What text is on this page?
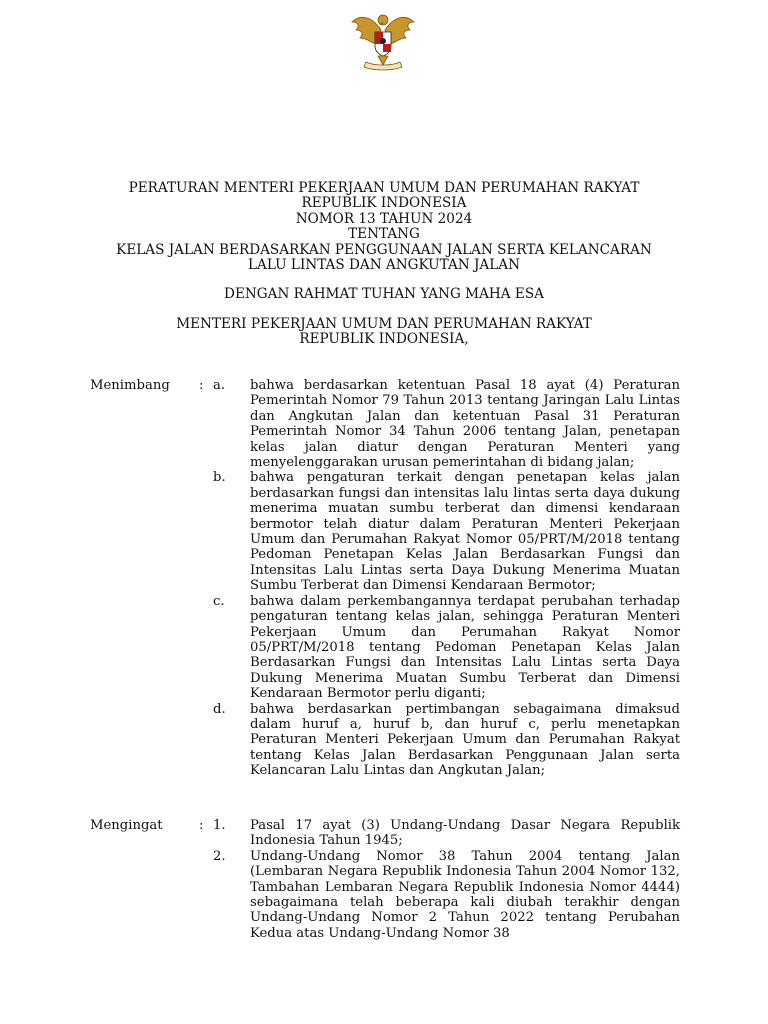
PERATURAN MENTERI PEKERJAAN UMUM DAN PERUMAHAN RAKYAT
REPUBLIK INDONESIA
NOMOR 13 TAHUN 2024
TENTANG
KELAS JALAN BERDASARKAN PENGGUNAAN JALAN SERTA KELANCARAN
LALU LINTAS DAN ANGKUTAN JALAN
DENGAN RAHMAT TUHAN YANG MAHA ESA
MENTERI PEKERJAAN UMUM DAN PERUMAHAN RAKYAT
REPUBLIK INDONESIA,
Menimbang	: a.	bahwa berdasarkan ketentuan Pasal 18 ayat (4) Peraturan Pemerintah Nomor 79 Tahun 2013 tentang Jaringan Lalu Lintas dan Angkutan Jalan dan ketentuan Pasal 31 Peraturan Pemerintah Nomor 34 Tahun 2006 tentang Jalan, penetapan kelas jalan diatur dengan Peraturan Menteri yang menyelenggarakan urusan pemerintahan di bidang jalan;
b.	bahwa pengaturan terkait dengan penetapan kelas jalan berdasarkan fungsi dan intensitas lalu lintas serta daya dukung menerima muatan sumbu terberat dan dimensi kendaraan bermotor telah diatur dalam Peraturan Menteri Pekerjaan Umum dan Perumahan Rakyat Nomor 05/PRT/M/2018 tentang Pedoman Penetapan Kelas Jalan Berdasarkan Fungsi dan Intensitas Lalu Lintas serta Daya Dukung Menerima Muatan Sumbu Terberat dan Dimensi Kendaraan Bermotor;
c.	bahwa dalam perkembangannya terdapat perubahan terhadap pengaturan tentang kelas jalan, sehingga Peraturan Menteri Pekerjaan Umum dan Perumahan Rakyat Nomor 05/PRT/M/2018 tentang Pedoman Penetapan Kelas Jalan Berdasarkan Fungsi dan Intensitas Lalu Lintas serta Daya Dukung Menerima Muatan Sumbu Terberat dan Dimensi Kendaraan Bermotor perlu diganti;
d.	bahwa berdasarkan pertimbangan sebagaimana dimaksud dalam huruf a, huruf b, dan huruf c, perlu menetapkan Peraturan Menteri Pekerjaan Umum dan Perumahan Rakyat tentang Kelas Jalan Berdasarkan Penggunaan Jalan serta Kelancaran Lalu Lintas dan Angkutan Jalan;
Mengingat	: 1.	Pasal 17 ayat (3) Undang-Undang Dasar Negara Republik Indonesia Tahun 1945;
2.	Undang-Undang Nomor 38 Tahun 2004 tentang Jalan (Lembaran Negara Republik Indonesia Tahun 2004 Nomor 132, Tambahan Lembaran Negara Republik Indonesia Nomor 4444) sebagaimana telah beberapa kali diubah terakhir dengan Undang-Undang Nomor 2 Tahun 2022 tentang Perubahan Kedua atas Undang-Undang Nomor 38
